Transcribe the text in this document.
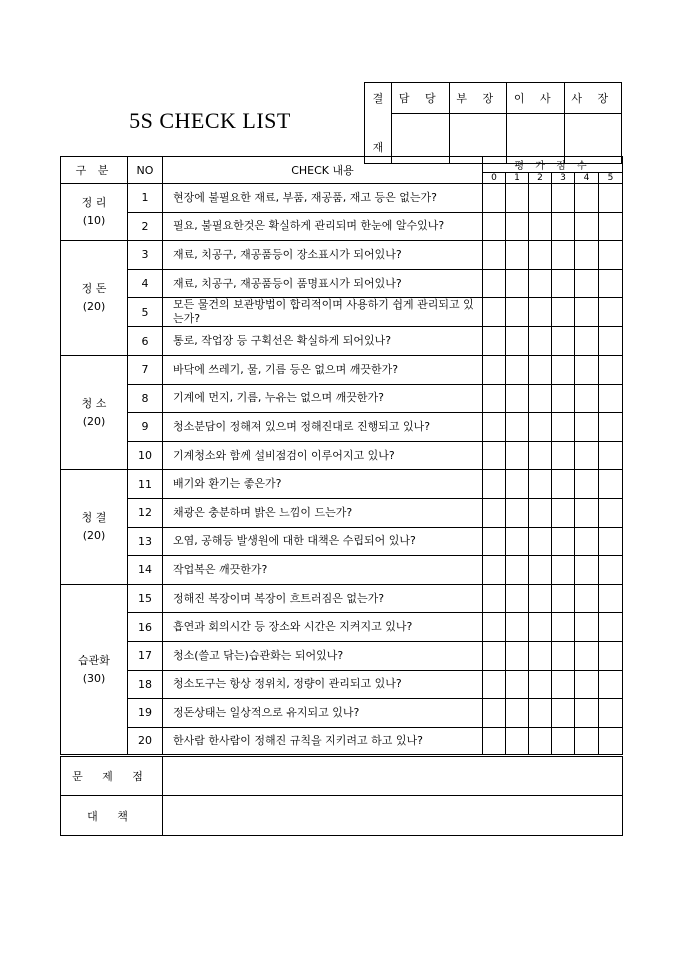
5S CHECK LIST
결	담 당	부 장	이 사	사 장
재				
구 분	NO	CHECK 내용	평 가 점 수					
			0	1	2	3	4	5

정 리
(10)	1	현장에 불필요한 재료, 부품, 재공품, 재고 등은 없는가?						
	2	필요, 불필요한것은 확실하게 관리되며 한눈에 알수있나?						

정 돈
(20)	3	재료, 치공구, 재공품등이 장소표시가 되어있나?						
	4	재료, 치공구, 재공품등이 품명표시가 되어있나?						
	5	모든 물건의 보관방법이 합리적이며 사용하기 쉽게 관리되고 있는가?						
	6	통로, 작업장 등 구획선은 확실하게 되어있나?						

청 소
(20)	7	바닥에 쓰레기, 물, 기름 등은 없으며 깨끗한가?						
	8	기계에 먼지, 기름, 누유는 없으며 깨끗한가?						
	9	청소분담이 정해져 있으며 정해진대로 진행되고 있나?						
	10	기계청소와 함께 설비점검이 이루어지고 있나?						

청 결
(20)	11	배기와 환기는 좋은가?						
	12	채광은 충분하며 밝은 느낌이 드는가?						
	13	오염, 공해등 발생원에 대한 대책은 수립되어 있나?						
	14	작업복은 깨끗한가?						

습관화
(30)	15	정해진 복장이며 복장이 흐트러짐은 없는가?						
	16	흡연과 회의시간 등 장소와 시간은 지켜지고 있나?						
	17	청소(쓸고 닦는)습관화는 되어있나?						
	18	청소도구는 항상 정위치, 정량이 관리되고 있나?						
	19	정돈상태는 일상적으로 유지되고 있나?						
	20	한사람 한사람이 정해진 규칙을 지키려고 하고 있나?						
문 제 점								
대 책								
